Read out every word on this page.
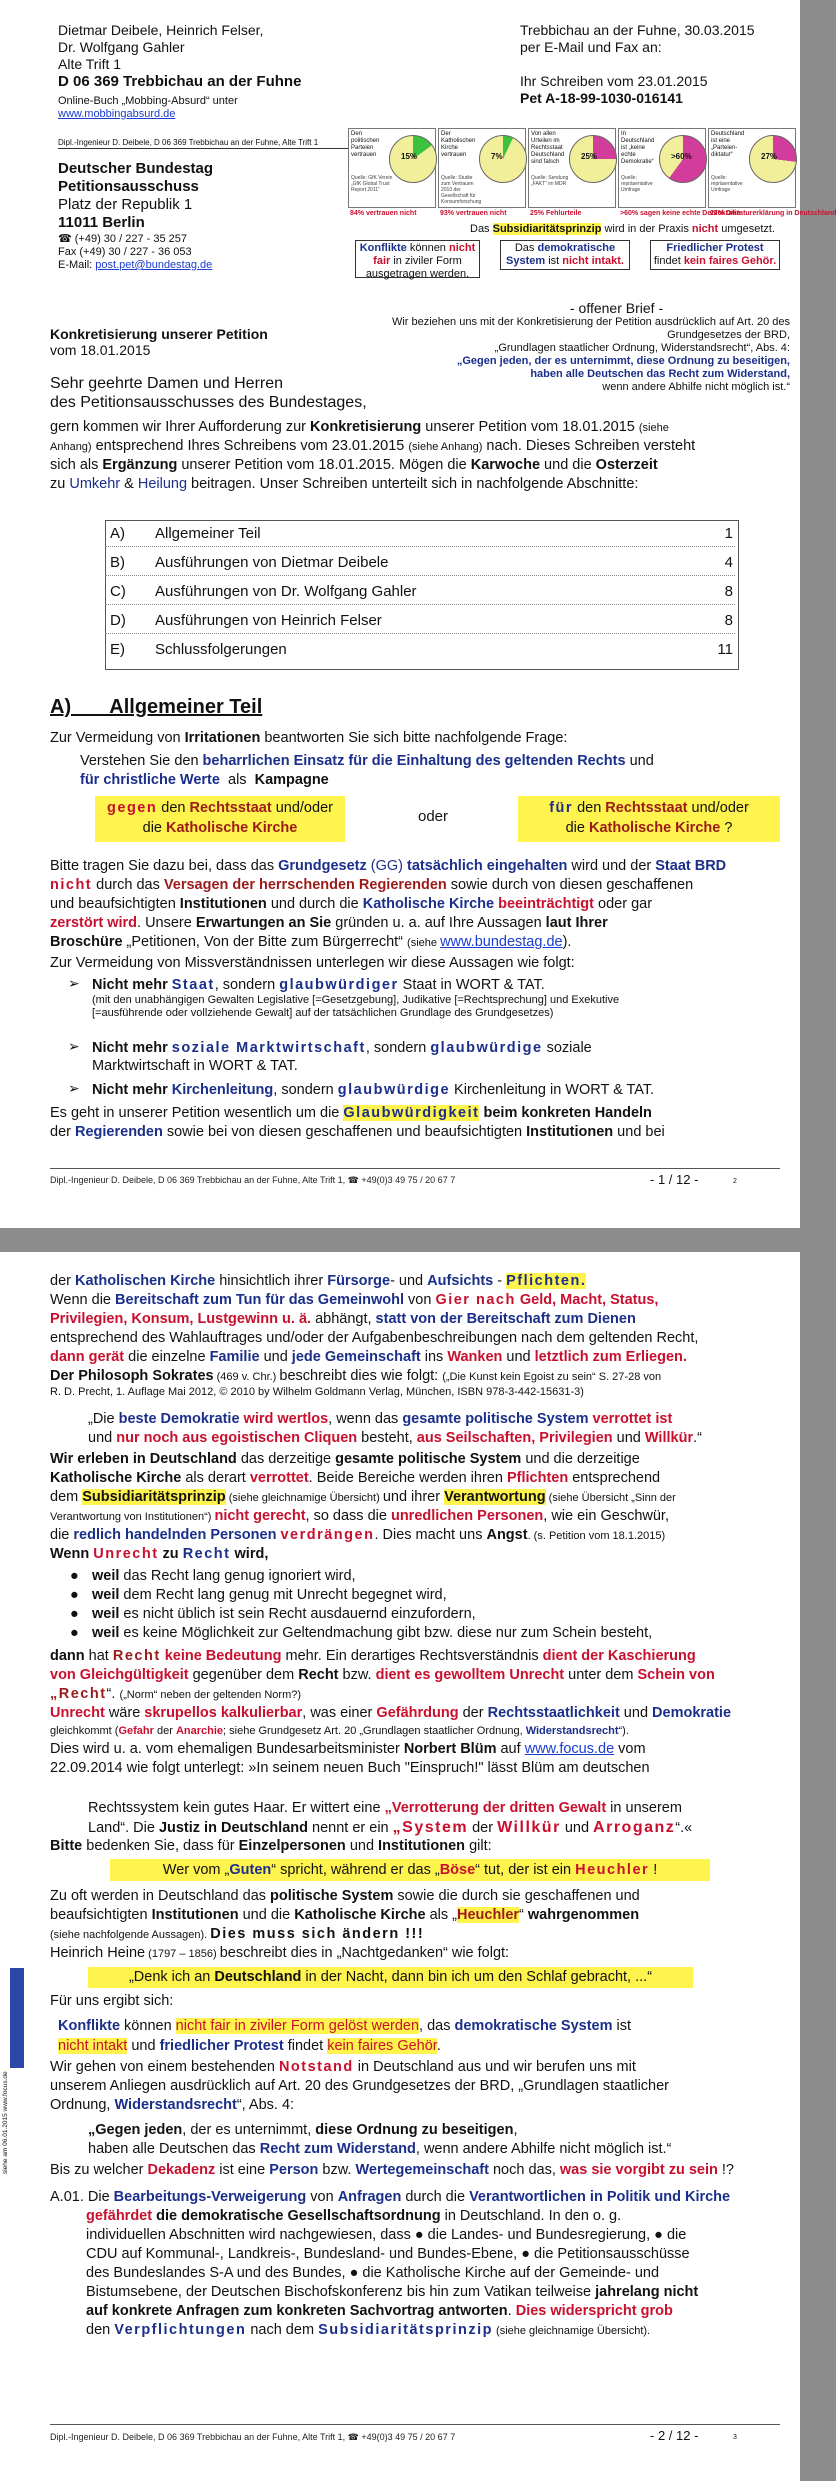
Dietmar Deibele, Heinrich Felser,
Dr. Wolfgang Gahler
Alte Trift 1
D 06 369 Trebbichau an der Fuhne
Online-Buch „Mobbing-Absurd“ unter www.mobbingabsurd.de
Trebbichau an der Fuhne, 30.03.2015
per E-Mail und Fax an:
Ihr Schreiben vom 23.01.2015
Pet A-18-99-1030-016141
Dipl.-Ingenieur D. Deibele, D 06 369 Trebbichau an der Fuhne, Alte Trift 1
Deutscher Bundestag
Petitionsausschuss
Platz der Republik 1
11011 Berlin
☎ (+49) 30 / 227 - 35 257
Fax (+49) 30 / 227 - 36 053
E-Mail: post.pet@bundestag.de
Den politischen Parteien vertrauen
Quelle: GfK Verein „GfK Global Trust Report 2011“
15%
84% vertrauen nicht
Der Katholischen Kirche vertrauen
Quelle: Studie zum Vertrauen 2010 der Gesellschaft für Konsumforschung
7%
93% vertrauen nicht
Von allen Urteilen im Rechtsstaat Deutschland sind falsch
Quelle: Sendung „FAKT“ im MDR
25%
25% Fehlurteile
In Deutschland ist „keine echte Demokratie“
Quelle: repräsentative Umfrage
>60%
>60% sagen keine echte Demokratie
Deutschland ist eine „Parteien-diktatur“
Quelle: repräsentative Umfrage
27%
27% Diktaturerklärung in Deutschland
Das Subsidiaritätsprinzip wird in der Praxis nicht umgesetzt.
Konflikte können nicht fair in ziviler Form ausgetragen werden.
Das demokratische System ist nicht intakt.
Friedlicher Protest findet kein faires Gehör.
- offener Brief -
Wir beziehen uns mit der Konkretisierung der Petition ausdrücklich auf Art. 20 des Grundgesetzes der BRD,
„Grundlagen staatlicher Ordnung, Widerstandsrecht“, Abs. 4:
„Gegen jeden, der es unternimmt, diese Ordnung zu beseitigen,
haben alle Deutschen das Recht zum Widerstand,
wenn andere Abhilfe nicht möglich ist.“
Konkretisierung unserer Petition
vom 18.01.2015
Sehr geehrte Damen und Herren
des Petitionsausschusses des Bundestages,
gern kommen wir Ihrer Aufforderung zur Konkretisierung unserer Petition vom 18.01.2015 (siehe
Anhang) entsprechend Ihres Schreibens vom 23.01.2015 (siehe Anhang) nach. Dieses Schreiben versteht
sich als Ergänzung unserer Petition vom 18.01.2015. Mögen die Karwoche und die Osterzeit
zu Umkehr & Heilung beitragen. Unser Schreiben unterteilt sich in nachfolgende Abschnitte:
A) Allgemeiner Teil	1
B) Ausführungen von Dietmar Deibele	4
C) Ausführungen von Dr. Wolfgang Gahler	8
D) Ausführungen von Heinrich Felser	8
E) Schlussfolgerungen	11
A)       Allgemeiner Teil
Zur Vermeidung von Irritationen beantworten Sie sich bitte nachfolgende Frage:
Verstehen Sie den beharrlichen Einsatz für die Einhaltung des geltenden Rechts und
für christliche Werte  als  Kampagne
gegen den Rechtsstaat und/oder
die Katholische Kirche
oder	für den Rechtsstaat und/oder
die Katholische Kirche ?
Bitte tragen Sie dazu bei, dass das Grundgesetz (GG) tatsächlich eingehalten wird und der Staat BRD
nicht durch das Versagen der herrschenden Regierenden sowie durch von diesen geschaffenen
und beaufsichtigten Institutionen und durch die Katholische Kirche beeinträchtigt oder gar
zerstört wird. Unsere Erwartungen an Sie gründen u. a. auf Ihre Aussagen laut Ihrer
Broschüre „Petitionen, Von der Bitte zum Bürgerrecht“ (siehe www.bundestag.de).
Zur Vermeidung von Missverständnissen unterlegen wir diese Aussagen wie folgt:
➢ Nicht mehr Staat, sondern glaubwürdiger Staat in WORT & TAT.
(mit den unabhängigen Gewalten Legislative [=Gesetzgebung], Judikative [=Rechtsprechung] und Exekutive
[=ausführende oder vollziehende Gewalt] auf der tatsächlichen Grundlage des Grundgesetzes)
➢ Nicht mehr soziale Marktwirtschaft, sondern glaubwürdige soziale
Marktwirtschaft in WORT & TAT.
➢ Nicht mehr Kirchenleitung, sondern glaubwürdige Kirchenleitung in WORT & TAT.
Es geht in unserer Petition wesentlich um die Glaubwürdigkeit beim konkreten Handeln
der Regierenden sowie bei von diesen geschaffenen und beaufsichtigten Institutionen und bei
Dipl.-Ingenieur D. Deibele, D 06 369 Trebbichau an der Fuhne, Alte Trift 1, ☎ +49(0)3 49 75 / 20 67 7	- 1 / 12 -	2
der Katholischen Kirche hinsichtlich ihrer Fürsorge- und Aufsichts - Pflichten.
Wenn die Bereitschaft zum Tun für das Gemeinwohl von Gier nach Geld, Macht, Status,
Privilegien, Konsum, Lustgewinn u. ä. abhängt, statt von der Bereitschaft zum Dienen
entsprechend des Wahlauftrages und/oder der Aufgabenbeschreibungen nach dem geltenden Recht,
dann gerät die einzelne Familie und jede Gemeinschaft ins Wanken und letztlich zum Erliegen.
Der Philosoph Sokrates (469 v. Chr.) beschreibt dies wie folgt: („Die Kunst kein Egoist zu sein“ S. 27-28 von
R. D. Precht, 1. Auflage Mai 2012, © 2010 by Wilhelm Goldmann Verlag, München, ISBN 978-3-442-15631-3)
„Die beste Demokratie wird wertlos, wenn das gesamte politische System verrottet ist
und nur noch aus egoistischen Cliquen besteht, aus Seilschaften, Privilegien und Willkür.“
Wir erleben in Deutschland das derzeitige gesamte politische System und die derzeitige
Katholische Kirche als derart verrottet. Beide Bereiche werden ihren Pflichten entsprechend
dem Subsidiaritätsprinzip (siehe gleichnamige Übersicht) und ihrer Verantwortung (siehe Übersicht „Sinn der
Verantwortung von Institutionen“) nicht gerecht, so dass die unredlichen Personen, wie ein Geschwür,
die redlich handelnden Personen verdrängen. Dies macht uns Angst. (s. Petition vom 18.1.2015)
Wenn Unrecht zu Recht wird,
● weil das Recht lang genug ignoriert wird,
● weil dem Recht lang genug mit Unrecht begegnet wird,
● weil es nicht üblich ist sein Recht ausdauernd einzufordern,
● weil es keine Möglichkeit zur Geltendmachung gibt bzw. diese nur zum Schein besteht,
dann hat Recht keine Bedeutung mehr. Ein derartiges Rechtsverständnis dient der Kaschierung
von Gleichgültigkeit gegenüber dem Recht bzw. dient es gewolltem Unrecht unter dem Schein von
„Recht“. („Norm“ neben der geltenden Norm?)
Unrecht wäre skrupellos kalkulierbar, was einer Gefährdung der Rechtsstaatlichkeit und Demokratie
gleichkommt (Gefahr der Anarchie; siehe Grundgesetz Art. 20 „Grundlagen staatlicher Ordnung, Widerstandsrecht“).
Dies wird u. a. vom ehemaligen Bundesarbeitsminister Norbert Blüm auf www.focus.de vom
22.09.2014 wie folgt unterlegt: »In seinem neuen Buch "Einspruch!" lässt Blüm am deutschen
Rechtssystem kein gutes Haar. Er wittert eine „Verrotterung der dritten Gewalt in unserem
Land“. Die Justiz in Deutschland nennt er ein „System der Willkür und Arroganz“.«
Bitte bedenken Sie, dass für Einzelpersonen und Institutionen gilt:
Wer vom „Guten“ spricht, während er das „Böse“ tut, der ist ein Heuchler !
Zu oft werden in Deutschland das politische System sowie die durch sie geschaffenen und
beaufsichtigten Institutionen und die Katholische Kirche als „Heuchler“ wahrgenommen
(siehe nachfolgende Aussagen). Dies muss sich ändern !!!
Heinrich Heine (1797 – 1856) beschreibt dies in „Nachtgedanken“ wie folgt:
„Denk ich an Deutschland in der Nacht, dann bin ich um den Schlaf gebracht, ...“
Für uns ergibt sich:
Konflikte können nicht fair in ziviler Form gelöst werden, das demokratische System ist
nicht intakt und friedlicher Protest findet kein faires Gehör.
Wir gehen von einem bestehenden Notstand in Deutschland aus und wir berufen uns mit
unserem Anliegen ausdrücklich auf Art. 20 des Grundgesetzes der BRD, „Grundlagen staatlicher
Ordnung, Widerstandsrecht“, Abs. 4:
„Gegen jeden, der es unternimmt, diese Ordnung zu beseitigen,
haben alle Deutschen das Recht zum Widerstand, wenn andere Abhilfe nicht möglich ist.“
Bis zu welcher Dekadenz ist eine Person bzw. Wertegemeinschaft noch das, was sie vorgibt zu sein !?
A.01. Die Bearbeitungs-Verweigerung von Anfragen durch die Verantwortlichen in Politik und Kirche
gefährdet die demokratische Gesellschaftsordnung in Deutschland. In den o. g.
individuellen Abschnitten wird nachgewiesen, dass ● die Landes- und Bundesregierung, ● die
CDU auf Kommunal-, Landkreis-, Bundesland- und Bundes-Ebene, ● die Petitionsausschüsse
des Bundeslandes S-A und des Bundes, ● die Katholische Kirche auf der Gemeinde- und
Bistumsebene, der Deutschen Bischofskonferenz bis hin zum Vatikan teilweise jahrelang nicht
auf konkrete Anfragen zum konkreten Sachvortrag antworten. Dies widerspricht grob
den Verpflichtungen nach dem Subsidiaritätsprinzip (siehe gleichnamige Übersicht).
siehe am 06.01.2015 www.focus.de
Dipl.-Ingenieur D. Deibele, D 06 369 Trebbichau an der Fuhne, Alte Trift 1, ☎ +49(0)3 49 75 / 20 67 7	- 2 / 12 -	3
